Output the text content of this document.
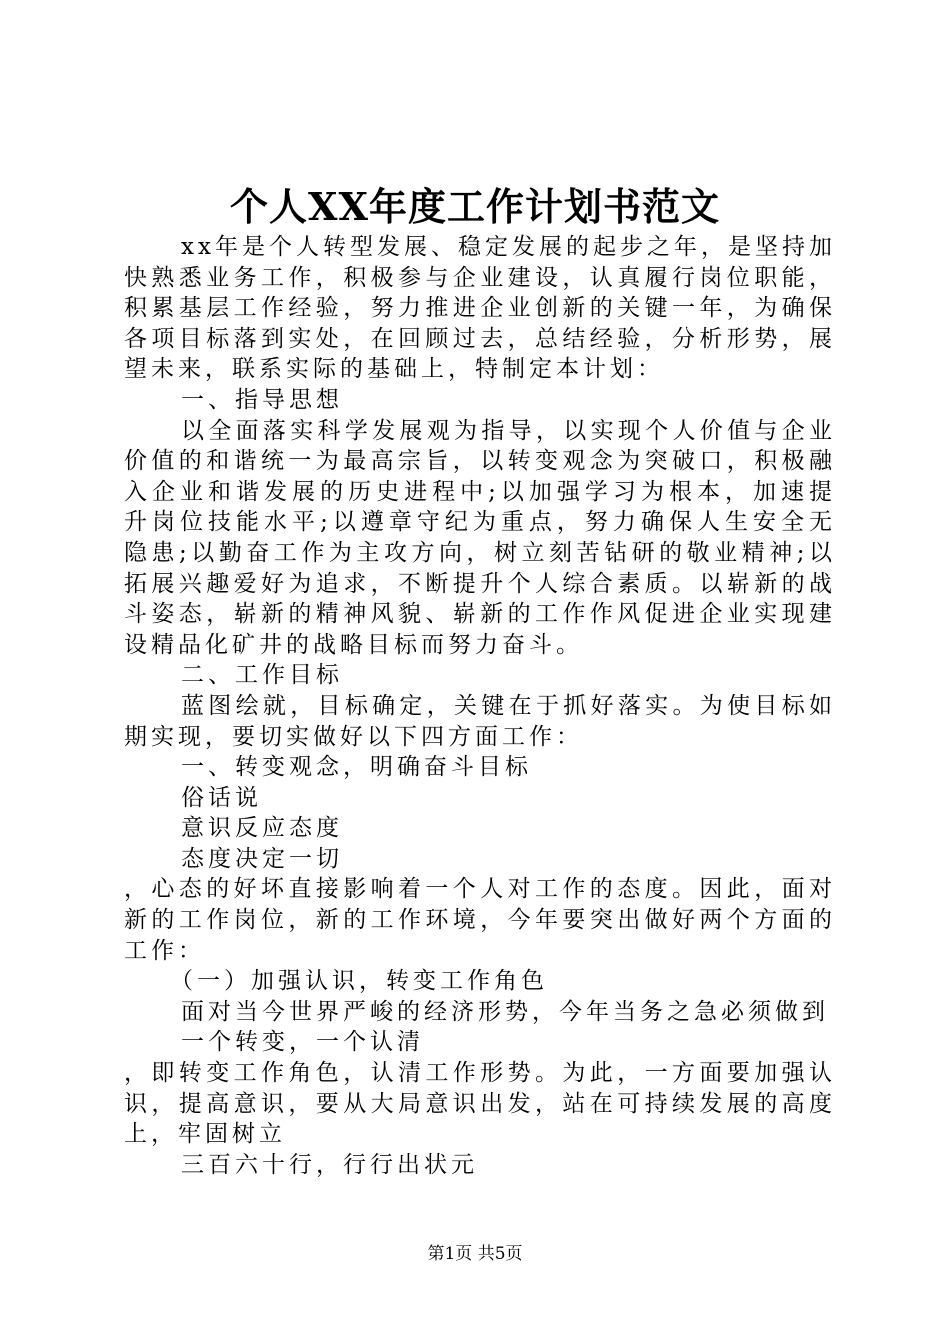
个人XX年度工作计划书范文

xx年是个人转型发展、稳定发展的起步之年，是坚持加快熟悉业务工作，积极参与企业建设，认真履行岗位职能，积累基层工作经验，努力推进企业创新的关键一年，为确保各项目标落到实处，在回顾过去，总结经验，分析形势，展望未来，联系实际的基础上，特制定本计划：

一、指导思想

以全面落实科学发展观为指导，以实现个人价值与企业价值的和谐统一为最高宗旨，以转变观念为突破口，积极融入企业和谐发展的历史进程中;以加强学习为根本，加速提升岗位技能水平;以遵章守纪为重点，努力确保人生安全无隐患;以勤奋工作为主攻方向，树立刻苦钻研的敬业精神;以拓展兴趣爱好为追求，不断提升个人综合素质。以崭新的战斗姿态，崭新的精神风貌、崭新的工作作风促进企业实现建设精品化矿井的战略目标而努力奋斗。

二、工作目标

蓝图绘就，目标确定，关键在于抓好落实。为使目标如期实现，要切实做好以下四方面工作：

一、转变观念，明确奋斗目标

俗话说

意识反应态度

态度决定一切

，心态的好坏直接影响着一个人对工作的态度。因此，面对新的工作岗位，新的工作环境，今年要突出做好两个方面的工作：

（一）加强认识，转变工作角色

面对当今世界严峻的经济形势，今年当务之急必须做到

一个转变，一个认清

，即转变工作角色，认清工作形势。为此，一方面要加强认识，提高意识，要从大局意识出发，站在可持续发展的高度上，牢固树立

三百六十行，行行出状元

第1页 共5页
